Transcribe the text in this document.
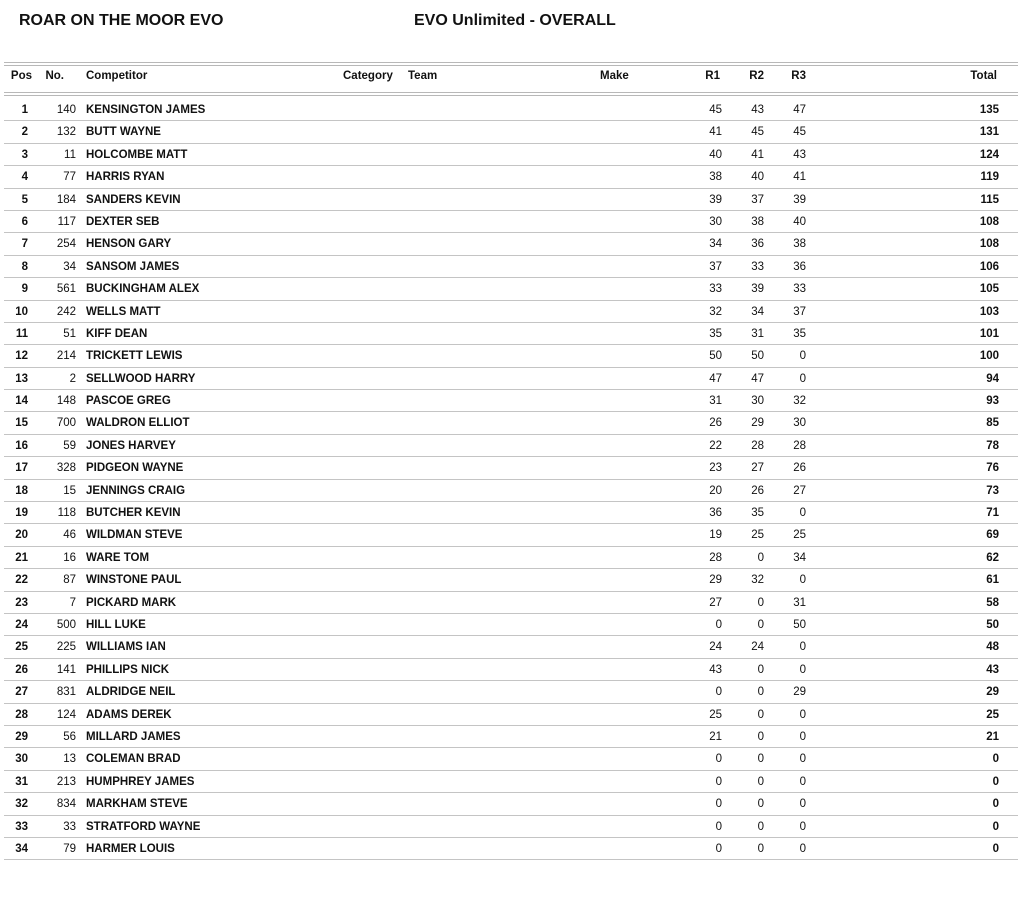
ROAR ON THE MOOR EVO	EVO Unlimited - OVERALL
Pos	No. Competitor	Category Team	Make	R1	R2	R3	Total
1	140 KENSINGTON JAMES	45	43	47	135
2	132 BUTT WAYNE	41	45	45	131
3	11 HOLCOMBE MATT	40	41	43	124
4	77 HARRIS RYAN	38	40	41	119
5	184 SANDERS KEVIN	39	37	39	115
6	117 DEXTER SEB	30	38	40	108
7	254 HENSON GARY	34	36	38	108
8	34 SANSOM JAMES	37	33	36	106
9	561 BUCKINGHAM ALEX	33	39	33	105
10	242 WELLS MATT	32	34	37	103
11	51 KIFF DEAN	35	31	35	101
12	214 TRICKETT LEWIS	50	50	0	100
13	2 SELLWOOD HARRY	47	47	0	94
14	148 PASCOE GREG	31	30	32	93
15	700 WALDRON ELLIOT	26	29	30	85
16	59 JONES HARVEY	22	28	28	78
17	328 PIDGEON WAYNE	23	27	26	76
18	15 JENNINGS CRAIG	20	26	27	73
19	118 BUTCHER KEVIN	36	35	0	71
20	46 WILDMAN STEVE	19	25	25	69
21	16 WARE TOM	28	0	34	62
22	87 WINSTONE PAUL	29	32	0	61
23	7 PICKARD MARK	27	0	31	58
24	500 HILL LUKE	0	0	50	50
25	225 WILLIAMS IAN	24	24	0	48
26	141 PHILLIPS NICK	43	0	0	43
27	831 ALDRIDGE NEIL	0	0	29	29
28	124 ADAMS DEREK	25	0	0	25
29	56 MILLARD JAMES	21	0	0	21
30	13 COLEMAN BRAD	0	0	0	0
31	213 HUMPHREY JAMES	0	0	0	0
32	834 MARKHAM STEVE	0	0	0	0
33	33 STRATFORD WAYNE	0	0	0	0
34	79 HARMER LOUIS	0	0	0	0
